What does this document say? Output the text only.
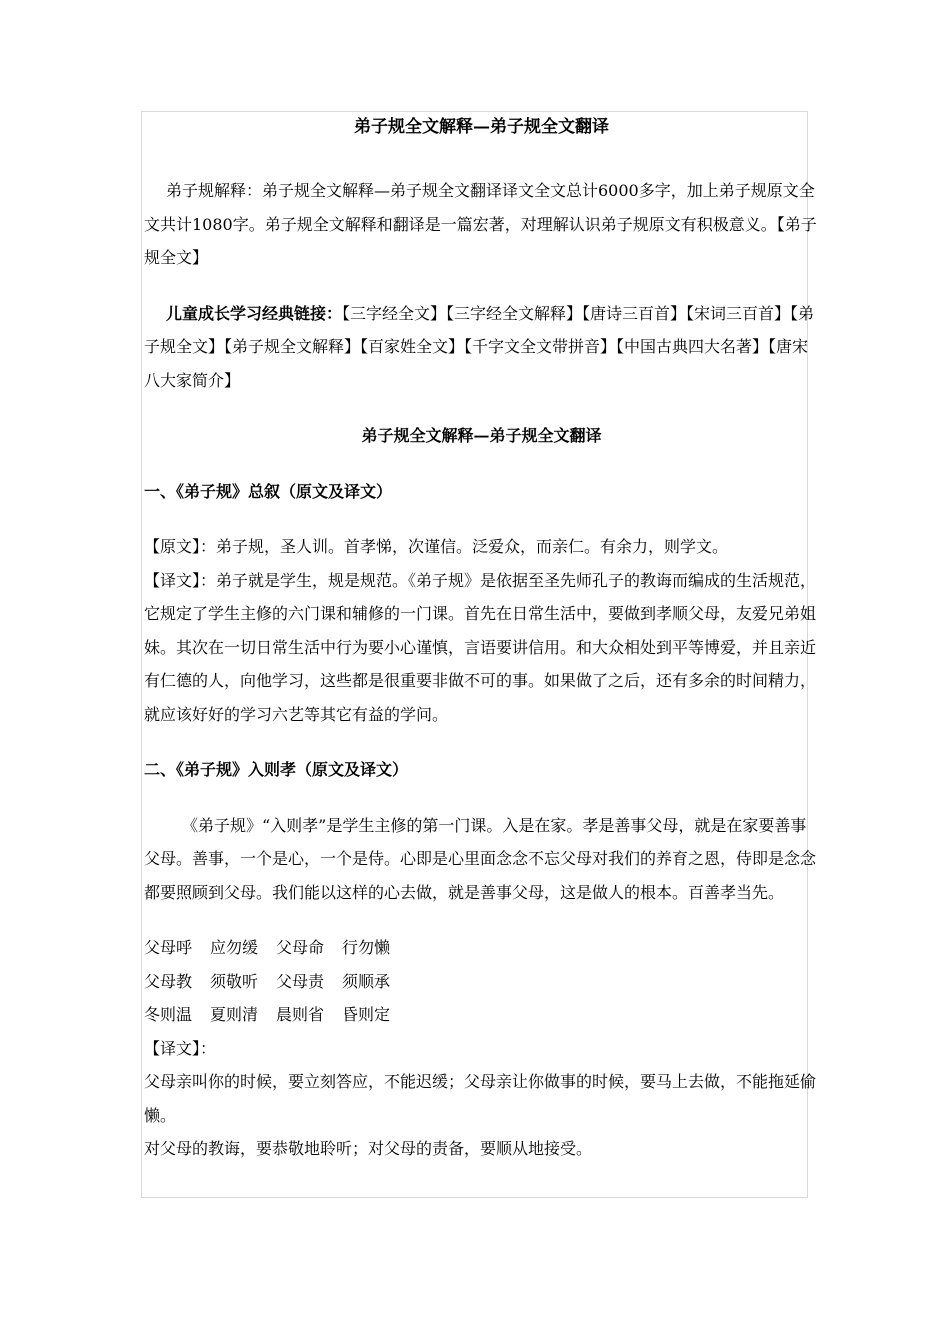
弟子规全文解释—弟子规全文翻译

弟子规解释：弟子规全文解释—弟子规全文翻译译文全文总计6000多字，加上弟子规原文全文共计1080字。弟子规全文解释和翻译是一篇宏著，对理解认识弟子规原文有积极意义。【弟子规全文】

儿童成长学习经典链接：【三字经全文】【三字经全文解释】【唐诗三百首】【宋词三百首】【弟子规全文】【弟子规全文解释】【百家姓全文】【千字文全文带拼音】【中国古典四大名著】【唐宋八大家简介】

弟子规全文解释—弟子规全文翻译

一、《弟子规》总叙（原文及译文）

【原文】：弟子规，圣人训。首孝悌，次谨信。泛爱众，而亲仁。有余力，则学文。

【译文】：弟子就是学生，规是规范。《弟子规》是依据至圣先师孔子的教诲而编成的生活规范，它规定了学生主修的六门课和辅修的一门课。首先在日常生活中，要做到孝顺父母，友爱兄弟姐妹。其次在一切日常生活中行为要小心谨慎，言语要讲信用。和大众相处到平等博爱，并且亲近有仁德的人，向他学习，这些都是很重要非做不可的事。如果做了之后，还有多余的时间精力，就应该好好的学习六艺等其它有益的学问。

二、《弟子规》入则孝（原文及译文）

《弟子规》“入则孝”是学生主修的第一门课。入是在家。孝是善事父母，就是在家要善事父母。善事，一个是心，一个是侍。心即是心里面念念不忘父母对我们的养育之恩，侍即是念念都要照顾到父母。我们能以这样的心去做，就是善事父母，这是做人的根本。百善孝当先。

父母呼 应勿缓 父母命 行勿懒

父母教 须敬听 父母责 须顺承

冬则温 夏则清 晨则省 昏则定

【译文】：

父母亲叫你的时候，要立刻答应，不能迟缓；父母亲让你做事的时候，要马上去做，不能拖延偷懒。

对父母的教诲，要恭敬地聆听；对父母的责备，要顺从地接受。
